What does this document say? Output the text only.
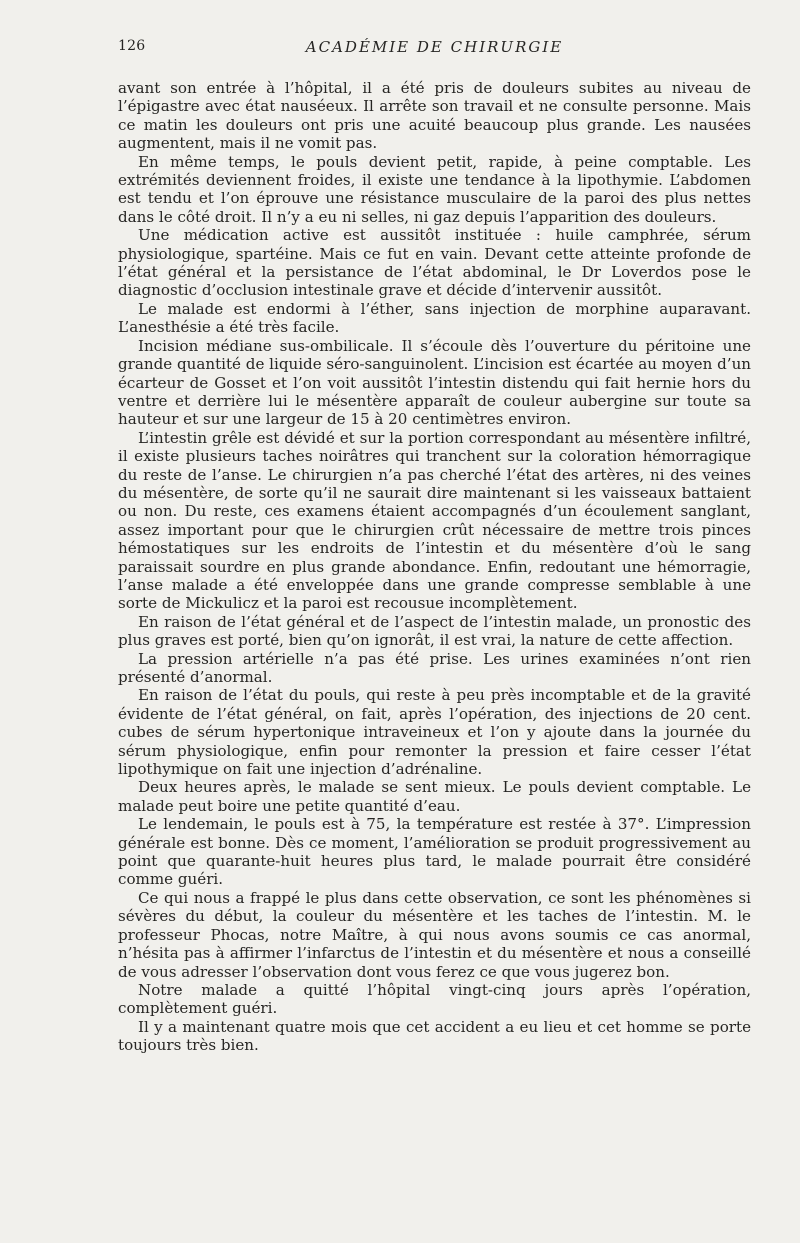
126	ACADÉMIE DE CHIRURGIE

avant son entrée à l’hôpital, il a été pris de douleurs subites au niveau de l’épigastre avec état nauséeux. Il arrête son travail et ne consulte personne. Mais ce matin les douleurs ont pris une acuité beaucoup plus grande. Les nausées augmentent, mais il ne vomit pas.

En même temps, le pouls devient petit, rapide, à peine comptable. Les extrémités deviennent froides, il existe une tendance à la lipothymie. L’abdomen est tendu et l’on éprouve une résistance musculaire de la paroi des plus nettes dans le côté droit. Il n’y a eu ni selles, ni gaz depuis l’apparition des douleurs.

Une médication active est aussitôt instituée : huile camphrée, sérum physiologique, spartéine. Mais ce fut en vain. Devant cette atteinte profonde de l’état général et la persistance de l’état abdominal, le Dr Loverdos pose le diagnostic d’occlusion intestinale grave et décide d’intervenir aussitôt.

Le malade est endormi à l’éther, sans injection de morphine auparavant. L’anesthésie a été très facile.

Incision médiane sus-ombilicale. Il s’écoule dès l’ouverture du péritoine une grande quantité de liquide séro-sanguinolent. L’incision est écartée au moyen d’un écarteur de Gosset et l’on voit aussitôt l’intestin distendu qui fait hernie hors du ventre et derrière lui le mésentère apparaît de couleur aubergine sur toute sa hauteur et sur une largeur de 15 à 20 centimètres environ.

L’intestin grêle est dévidé et sur la portion correspondant au mésentère infiltré, il existe plusieurs taches noirâtres qui tranchent sur la coloration hémorragique du reste de l’anse. Le chirurgien n’a pas cherché l’état des artères, ni des veines du mésentère, de sorte qu’il ne saurait dire maintenant si les vaisseaux battaient ou non. Du reste, ces examens étaient accompagnés d’un écoulement sanglant, assez important pour que le chirurgien crût nécessaire de mettre trois pinces hémostatiques sur les endroits de l’intestin et du mésentère d’où le sang paraissait sourdre en plus grande abondance. Enfin, redoutant une hémorragie, l’anse malade a été enveloppée dans une grande compresse semblable à une sorte de Mickulicz et la paroi est recousue incomplètement.

En raison de l’état général et de l’aspect de l’intestin malade, un pronostic des plus graves est porté, bien qu’on ignorât, il est vrai, la nature de cette affection.

La pression artérielle n’a pas été prise. Les urines examinées n’ont rien présenté d’anormal.

En raison de l’état du pouls, qui reste à peu près incomptable et de la gravité évidente de l’état général, on fait, après l’opération, des injections de 20 cent. cubes de sérum hypertonique intraveineux et l’on y ajoute dans la journée du sérum physiologique, enfin pour remonter la pression et faire cesser l’état lipothymique on fait une injection d’adrénaline.

Deux heures après, le malade se sent mieux. Le pouls devient comptable. Le malade peut boire une petite quantité d’eau.

Le lendemain, le pouls est à 75, la température est restée à 37°. L’impression générale est bonne. Dès ce moment, l’amélioration se produit progressivement au point que quarante-huit heures plus tard, le malade pourrait être considéré comme guéri.

Ce qui nous a frappé le plus dans cette observation, ce sont les phénomènes si sévères du début, la couleur du mésentère et les taches de l’intestin. M. le professeur Phocas, notre Maître, à qui nous avons soumis ce cas anormal, n’hésita pas à affirmer l’infarctus de l’intestin et du mésentère et nous a conseillé de vous adresser l’observation dont vous ferez ce que vous jugerez bon.

Notre malade a quitté l’hôpital vingt-cinq jours après l’opération, complètement guéri.

Il y a maintenant quatre mois que cet accident a eu lieu et cet homme se porte toujours très bien.
